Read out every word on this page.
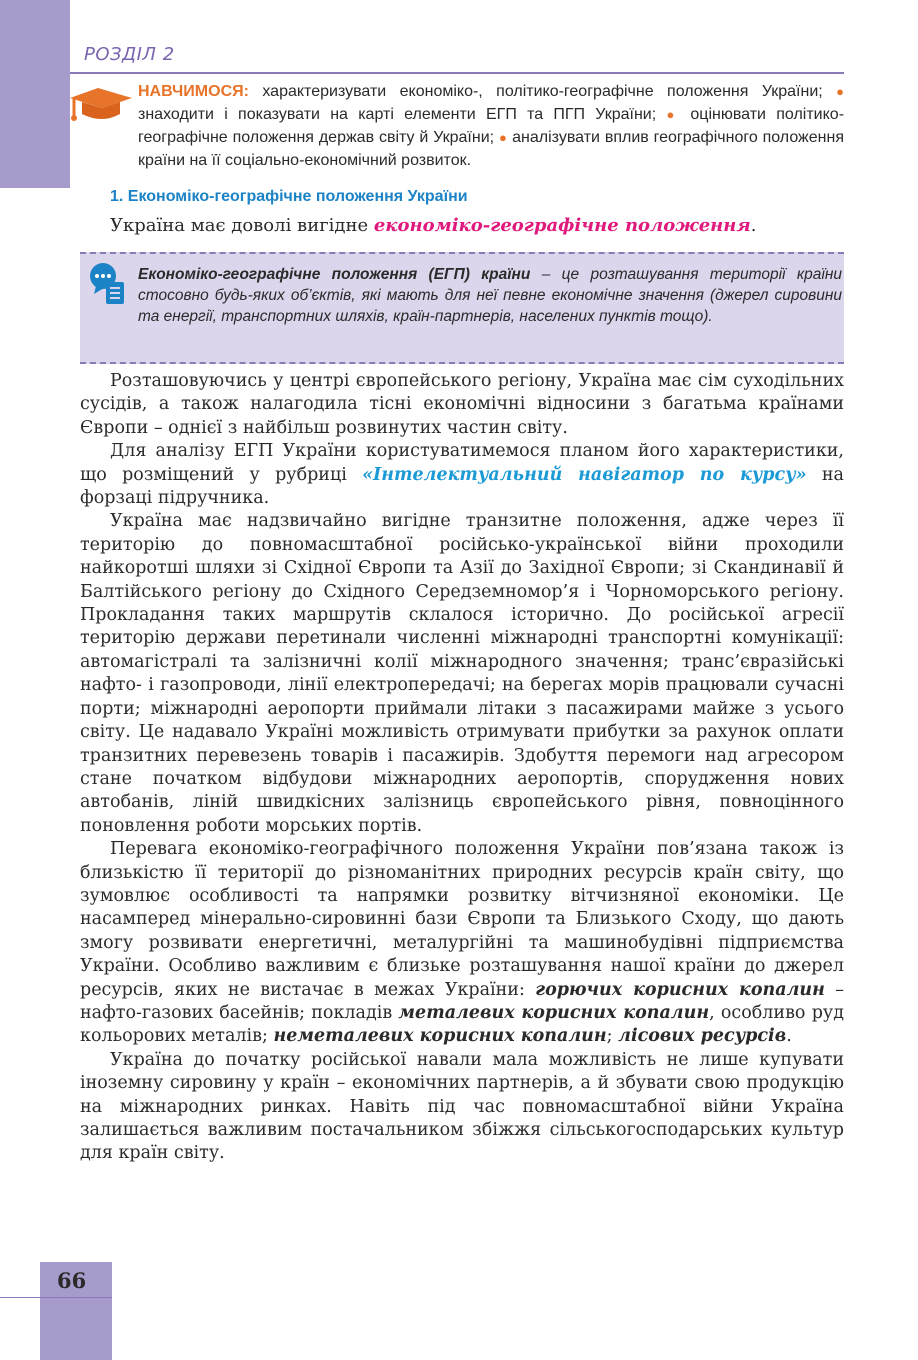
РОЗДІЛ 2

НАВЧИМОСЯ: характеризувати економіко-, політико-географічне положення України; ● знаходити і показувати на карті елементи ЕГП та ПГП України; ● оцінювати політико-географічне положення держав світу й України; ● аналізувати вплив географічного положення країни на її соціально-економічний розвиток.

1. Економіко-географічне положення України

Україна має доволі вигідне економіко-географічне положення.

Економіко-географічне положення (ЕГП) країни – це розташування території країни стосовно будь-яких об’єктів, які мають для неї певне економічне значення (джерел сировини та енергії, транспортних шляхів, країн-партнерів, населених пунктів тощо).

Розташовуючись у центрі європейського регіону, Україна має сім суходільних сусідів, а також налагодила тісні економічні відносини з багатьма країнами Європи – однієї з найбільш розвинутих частин світу.

Для аналізу ЕГП України користуватимемося планом його характеристики, що розміщений у рубриці «Інтелектуальний навігатор по курсу» на форзаці підручника.

Україна має надзвичайно вигідне транзитне положення, адже через її територію до повномасштабної російсько-української війни проходили найкоротші шляхи зі Східної Європи та Азії до Західної Європи; зі Скандинавії й Балтійського регіону до Східного Середземномор’я і Чорноморського регіону. Прокладання таких маршрутів склалося історично. До російської агресії територію держави перетинали численні міжнародні транспортні комунікації: автомагістралі та залізничні колії міжнародного значення; транс’євразійські нафто- і газопроводи, лінії електропередачі; на берегах морів працювали сучасні порти; міжнародні аеропорти приймали літаки з пасажирами майже з усього світу. Це надавало Україні можливість отримувати прибутки за рахунок оплати транзитних перевезень товарів і пасажирів. Здобуття перемоги над агресором стане початком відбудови міжнародних аеропортів, спорудження нових автобанів, ліній швидкісних залізниць європейського рівня, повноцінного поновлення роботи морських портів.

Перевага економіко-географічного положення України пов’язана також із близькістю її території до різноманітних природних ресурсів країн світу, що зумовлює особливості та напрямки розвитку вітчизняної економіки. Це насамперед мінерально-сировинні бази Європи та Близького Сходу, що дають змогу розвивати енергетичні, металургійні та машинобудівні підприємства України. Особливо важливим є близьке розташування нашої країни до джерел ресурсів, яких не вистачає в межах України: горючих корисних копалин – нафто-газових басейнів; покладів металевих корисних копалин, особливо руд кольорових металів; неметалевих корисних копалин; лісових ресурсів.

Україна до початку російської навали мала можливість не лише купувати іноземну сировину у країн – економічних партнерів, а й збувати свою продукцію на міжнародних ринках. Навіть під час повномасштабної війни Україна залишається важливим постачальником збіжжя сільськогосподарських культур для країн світу.

66
